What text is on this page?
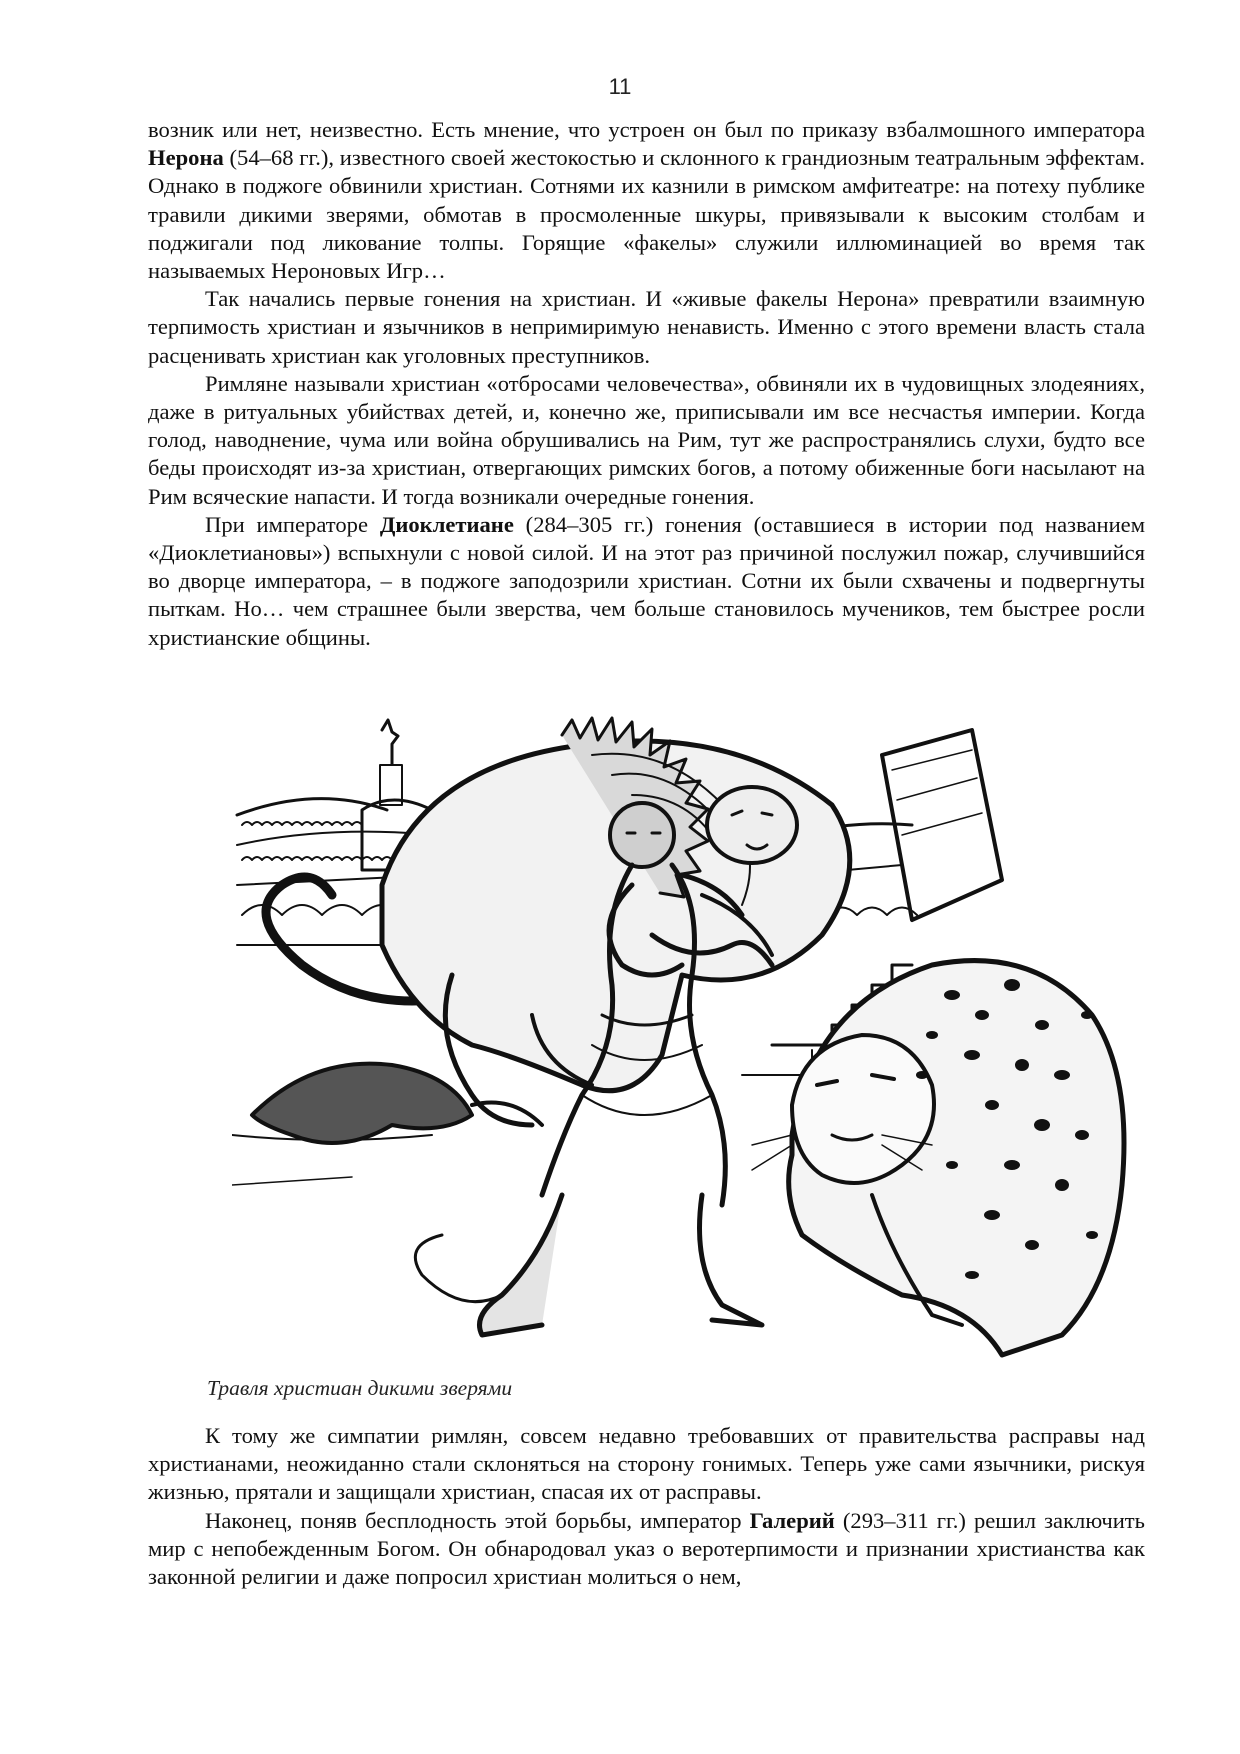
11

возник или нет, неизвестно. Есть мнение, что устроен он был по приказу взбалмошного императора Нерона (54–68 гг.), известного своей жестокостью и склонного к грандиозным театральным эффектам. Однако в поджоге обвинили христиан. Сотнями их казнили в римском амфитеатре: на потеху публике травили дикими зверями, обмотав в просмоленные шкуры, привязывали к высоким столбам и поджигали под ликование толпы. Горящие «факелы» служили иллюминацией во время так называемых Нероновых Игр…

Так начались первые гонения на христиан. И «живые факелы Нерона» превратили взаимную терпимость христиан и язычников в непримиримую ненависть. Именно с этого времени власть стала расценивать христиан как уголовных преступников.

Римляне называли христиан «отбросами человечества», обвиняли их в чудовищных злодеяниях, даже в ритуальных убийствах детей, и, конечно же, приписывали им все несчастья империи. Когда голод, наводнение, чума или война обрушивались на Рим, тут же распространялись слухи, будто все беды происходят из-за христиан, отвергающих римских богов, а потому обиженные боги насылают на Рим всяческие напасти. И тогда возникали очередные гонения.

При императоре Диоклетиане (284–305 гг.) гонения (оставшиеся в истории под названием «Диоклетиановы») вспыхнули с новой силой. И на этот раз причиной послужил пожар, случившийся во дворце императора, – в поджоге заподозрили христиан. Сотни их были схвачены и подвергнуты пыткам. Но… чем страшнее были зверства, чем больше становилось мучеников, тем быстрее росли христианские общины.

Травля христиан дикими зверями

К тому же симпатии римлян, совсем недавно требовавших от правительства расправы над христианами, неожиданно стали склоняться на сторону гонимых. Теперь уже сами язычники, рискуя жизнью, прятали и защищали христиан, спасая их от расправы.

Наконец, поняв бесплодность этой борьбы, император Галерий (293–311 гг.) решил заключить мир с непобежденным Богом. Он обнародовал указ о веротерпимости и признании христианства как законной религии и даже попросил христиан молиться о нем,
